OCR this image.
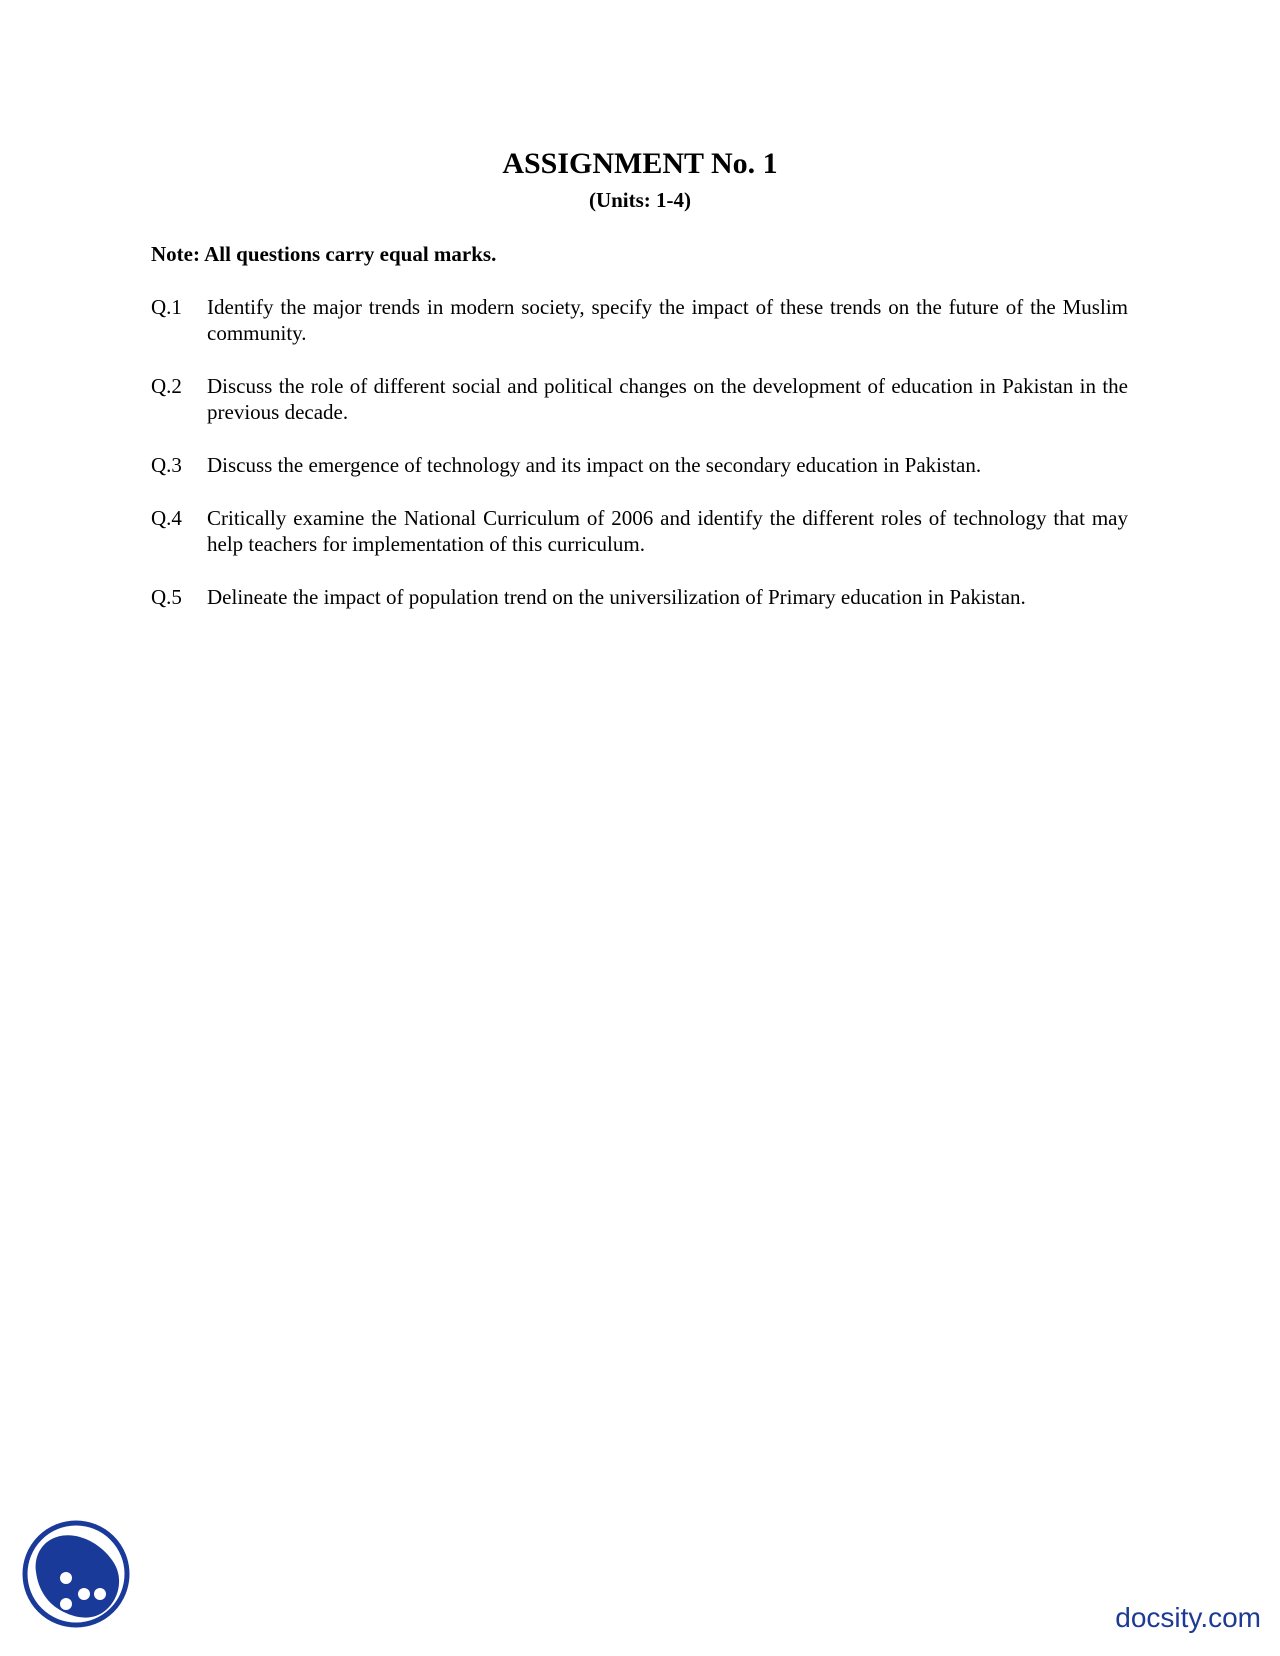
ASSIGNMENT No. 1
(Units: 1-4)
Note: All questions carry equal marks.
Q.1	Identify the major trends in modern society, specify the impact of these trends on the future of the Muslim community.
Q.2	Discuss the role of different social and political changes on the development of education in Pakistan in the previous decade.
Q.3	Discuss the emergence of technology and its impact on the secondary education in Pakistan.
Q.4	Critically examine the National Curriculum of 2006 and identify the different roles of technology that may help teachers for implementation of this curriculum.
Q.5	Delineate the impact of population trend on the universilization of Primary education in Pakistan.
docsity.com
